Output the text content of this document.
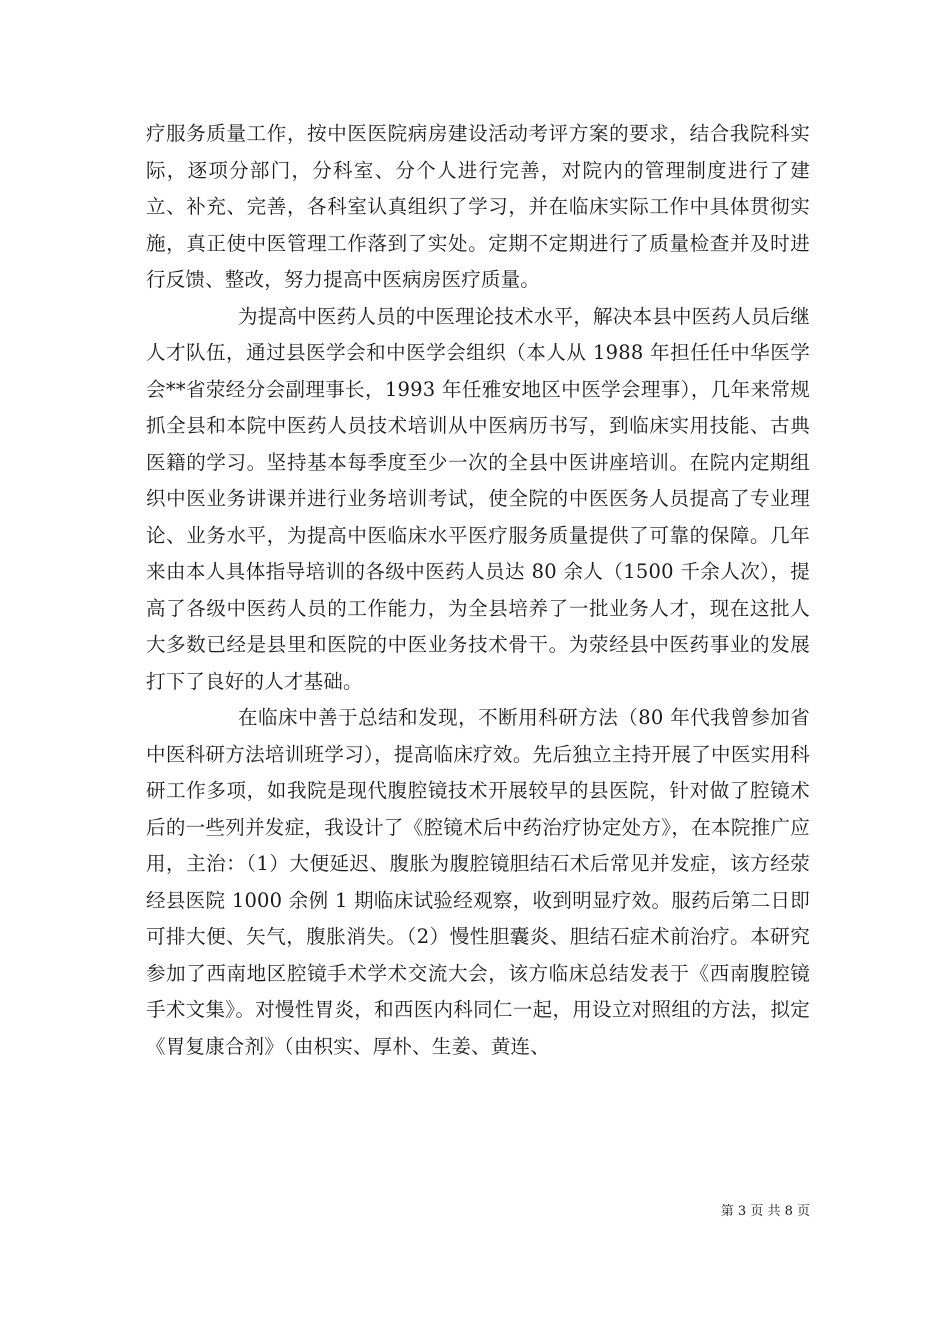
疗服务质量工作，按中医医院病房建设活动考评方案的要求，结合我院科实际，逐项分部门，分科室、分个人进行完善，对院内的管理制度进行了建立、补充、完善，各科室认真组织了学习，并在临床实际工作中具体贯彻实施，真正使中医管理工作落到了实处。定期不定期进行了质量检查并及时进行反馈、整改，努力提高中医病房医疗质量。

为提高中医药人员的中医理论技术水平，解决本县中医药人员后继人才队伍，通过县医学会和中医学会组织（本人从 1988 年担任任中华医学会**省荥经分会副理事长，1993 年任雅安地区中医学会理事），几年来常规抓全县和本院中医药人员技术培训从中医病历书写，到临床实用技能、古典医籍的学习。坚持基本每季度至少一次的全县中医讲座培训。在院内定期组织中医业务讲课并进行业务培训考试，使全院的中医医务人员提高了专业理论、业务水平，为提高中医临床水平医疗服务质量提供了可靠的保障。几年来由本人具体指导培训的各级中医药人员达 80 余人（1500 千余人次），提高了各级中医药人员的工作能力，为全县培养了一批业务人才，现在这批人大多数已经是县里和医院的中医业务技术骨干。为荥经县中医药事业的发展打下了良好的人才基础。

在临床中善于总结和发现，不断用科研方法（80 年代我曾参加省中医科研方法培训班学习），提高临床疗效。先后独立主持开展了中医实用科研工作多项，如我院是现代腹腔镜技术开展较早的县医院，针对做了腔镜术后的一些列并发症，我设计了《腔镜术后中药治疗协定处方》，在本院推广应用，主治：（1）大便延迟、腹胀为腹腔镜胆结石术后常见并发症，该方经荥经县医院 1000 余例 1 期临床试验经观察，收到明显疗效。服药后第二日即可排大便、矢气，腹胀消失。（2）慢性胆囊炎、胆结石症术前治疗。本研究参加了西南地区腔镜手术学术交流大会，该方临床总结发表于《西南腹腔镜手术文集》。对慢性胃炎，和西医内科同仁一起，用设立对照组的方法，拟定《胃复康合剂》（由枳实、厚朴、生姜、黄连、

第 3 页 共 8 页
